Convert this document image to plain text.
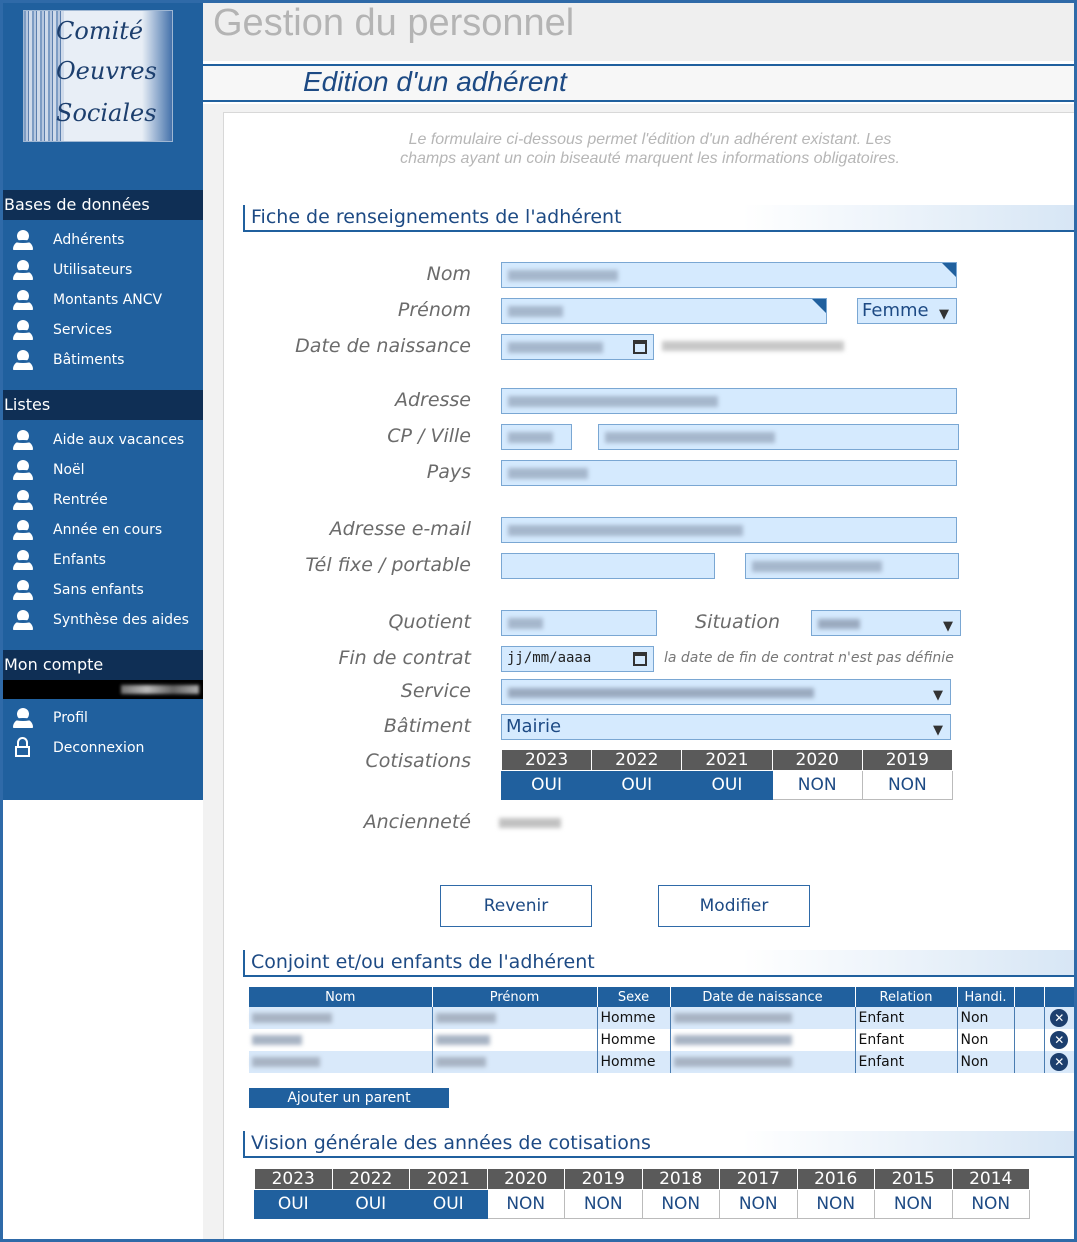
Comité
Oeuvres
Sociales
Bases de données
Adhérents
Utilisateurs
Montants ANCV
Services
Bâtiments
Listes
Aide aux vacances
Noël
Rentrée
Année en cours
Enfants
Sans enfants
Synthèse des aides
Mon compte
Profil
Deconnexion
Gestion du personnel
Edition d'un adhérent
Le formulaire ci-dessous permet l'édition d'un adhérent existant. Les champs ayant un coin biseauté marquent les informations obligatoires.
Fiche de renseignements de l'adhérent
Nom
Prénom	Femme ▼
Date de naissance
Adresse
CP / Ville
Pays
Adresse e-mail
Tél fixe / portable
Quotient	Situation	▼
Fin de contrat	jj/mm/aaaa	la date de fin de contrat n'est pas définie
Service	▼
Bâtiment Mairie	▼
Cotisations	2023	2022	2021	2020	2019
OUI	OUI	OUI	NON	NON
Ancienneté
Revenir	Modifier
Conjoint et/ou enfants de l'adhérent
Nom	Prénom	Sexe	Date de naissance	Relation	Handi.		
		Homme		Enfant	Non		✕
		Homme		Enfant	Non		✕
		Homme		Enfant	Non		✕
Ajouter un parent
Vision générale des années de cotisations
2023	2022	2021	2020	2019	2018	2017	2016	2015	2014
OUI	OUI	OUI	NON	NON	NON	NON	NON	NON	NON
